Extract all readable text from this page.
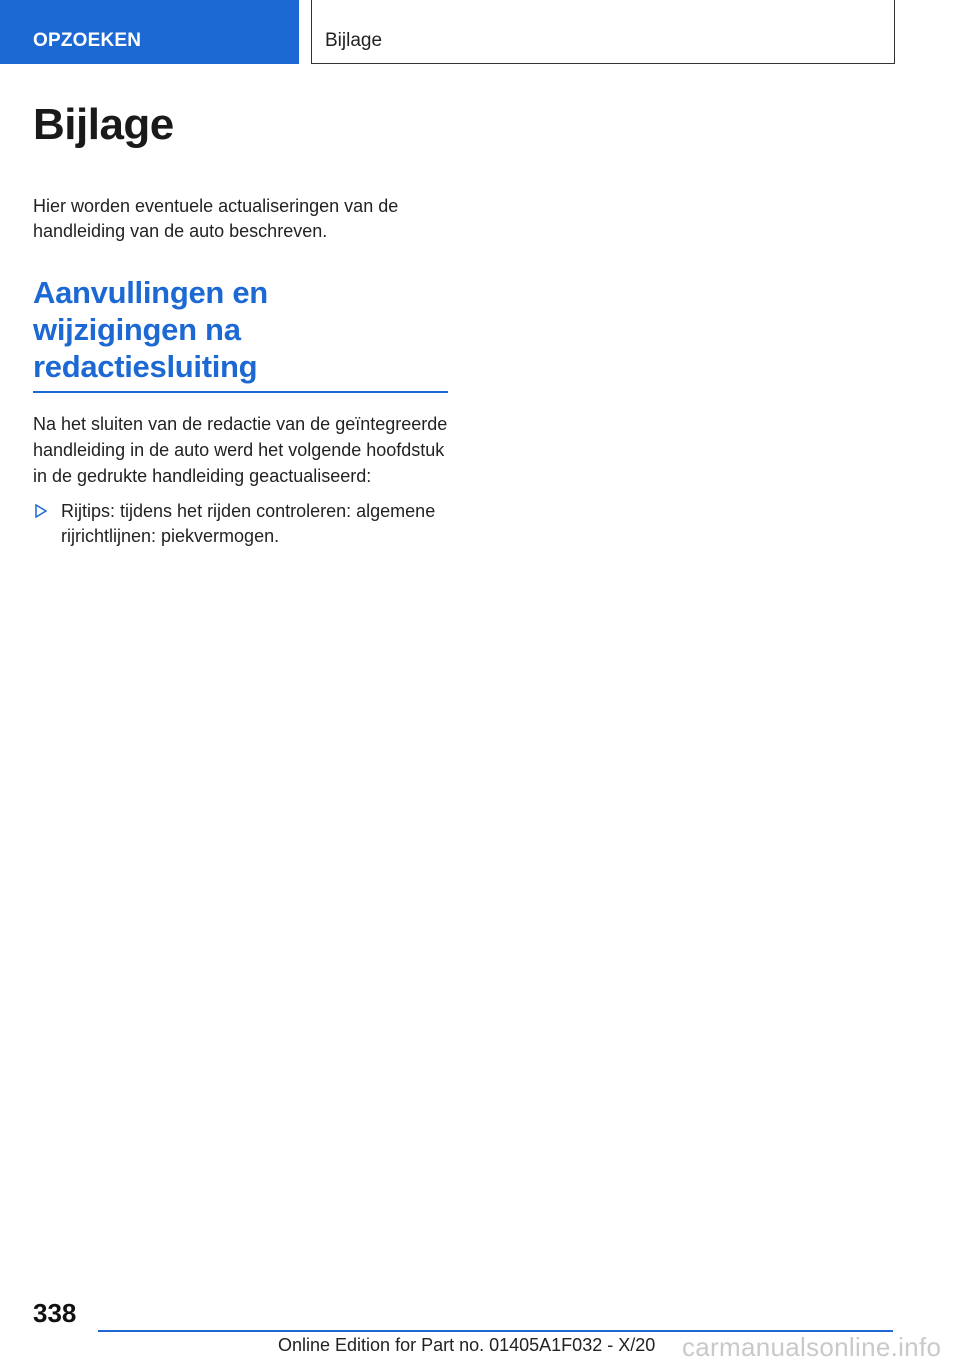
OPZOEKEN	Bijlage
Bijlage

Hier worden eventuele actualiseringen van de handleiding van de auto beschreven.

Aanvullingen en
wijzigingen na
redactiesluiting

Na het sluiten van de redactie van de geïntegreerde handleiding in de auto werd het volgende hoofdstuk in de gedrukte handleiding geactualiseerd:

Rijtips: tijdens het rijden controleren: algemene rijrichtlijnen: piekvermogen.
338
Online Edition for Part no. 01405A1F032 - X/20 carmanualsonline.info
